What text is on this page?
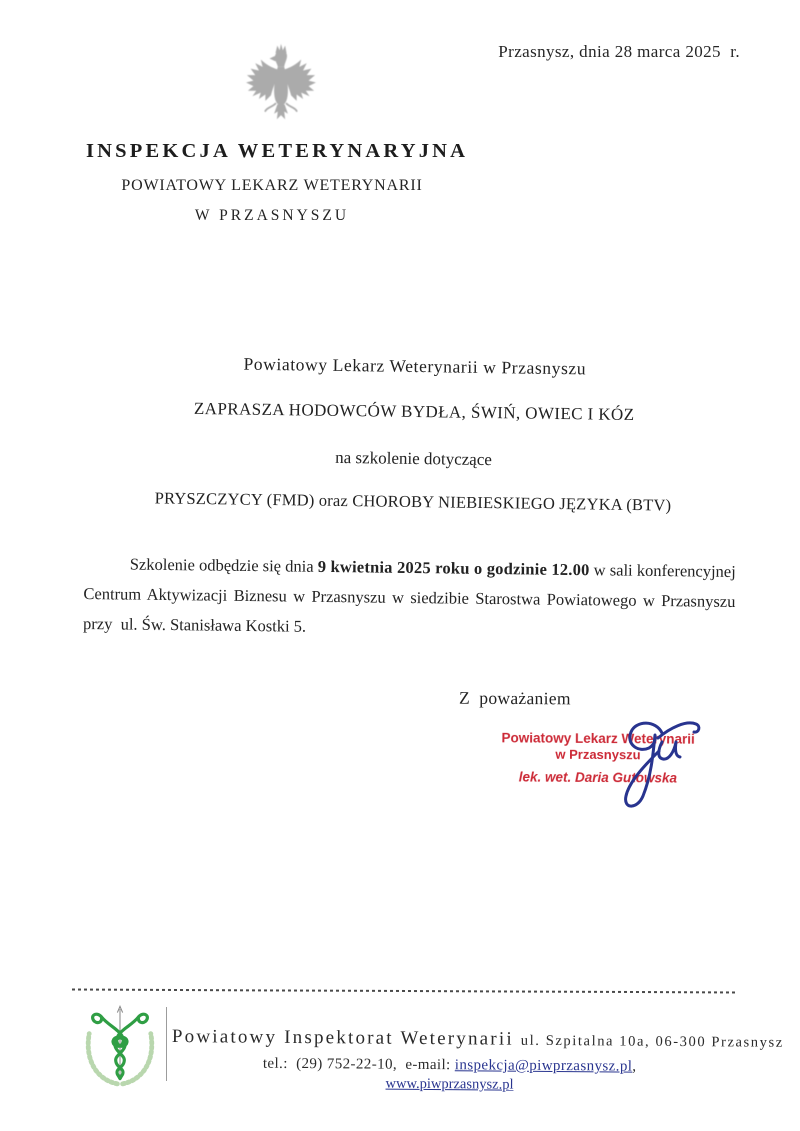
Przasnysz, dnia 28 marca 2025  r.
INSPEKCJA WETERYNARYJNA
POWIATOWY LEKARZ WETERYNARII
W PRZASNYSZU

Powiatowy Lekarz Weterynarii w Przasnyszu

ZAPRASZA HODOWCÓW BYDŁA, ŚWIŃ, OWIEC I KÓZ

na szkolenie dotyczące

PRYSZCZYCY (FMD) oraz CHOROBY NIEBIESKIEGO JĘZYKA (BTV)

Szkolenie odbędzie się dnia 9 kwietnia 2025 roku o godzinie 12.00 w sali konferencyjnej Centrum Aktywizacji Biznesu w Przasnyszu w siedzibie Starostwa Powiatowego w Przasnyszu przy  ul. Św. Stanisława Kostki 5.
Z  poważaniem
Powiatowy Lekarz Weterynarii
w Przasnyszu
lek. wet. Daria Gutowska
Powiatowy Inspektorat Weterynarii ul. Szpitalna 10a, 06-300 Przasnysz
tel.:  (29) 752-22-10,  e-mail: inspekcja@piwprzasnysz.pl,
www.piwprzasnysz.pl
